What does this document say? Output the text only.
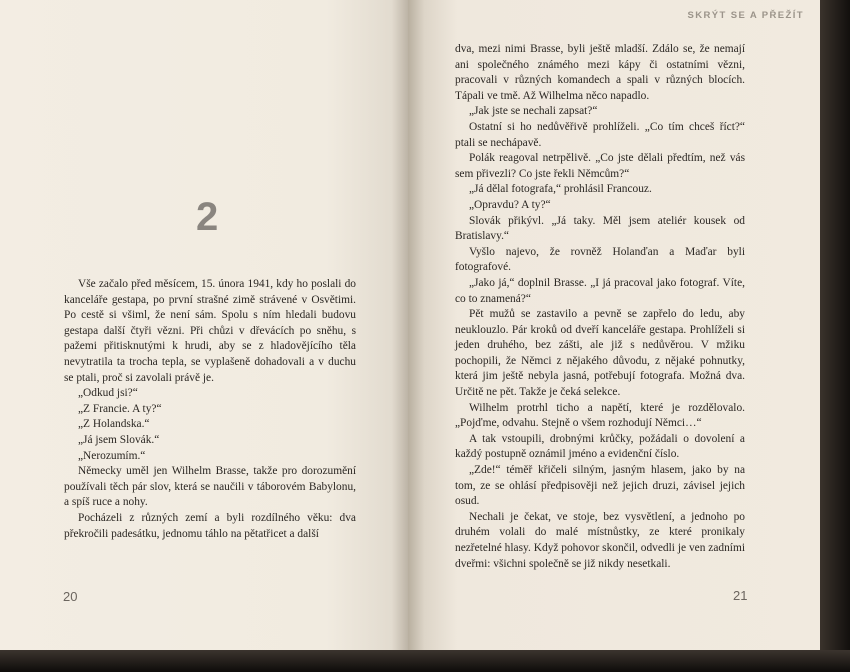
2

Vše začalo před měsícem, 15. února 1941, kdy ho poslali do kanceláře gestapa, po první strašné zimě strávené v Osvětimi. Po cestě si všiml, že není sám. Spolu s ním hledali budovu gestapa další čtyři vězni. Při chůzi v dřevácích po sněhu, s pažemi přitisknutými k hrudi, aby se z hladovějícího těla nevytratila ta trocha tepla, se vyplašeně dohadovali a v duchu se ptali, proč si zavolali právě je.

„Odkud jsi?“

„Z Francie. A ty?“

„Z Holandska.“

„Já jsem Slovák.“

„Nerozumím.“

Německy uměl jen Wilhelm Brasse, takže pro dorozumění používali těch pár slov, která se naučili v táborovém Babylonu, a spíš ruce a nohy.

Pocházeli z různých zemí a byli rozdílného věku: dva překročili padesátku, jednomu táhlo na pětatřicet a další

20

dva, mezi nimi Brasse, byli ještě mladší. Zdálo se, že nemají ani společného známého mezi kápy či ostatními vězni, pracovali v různých komandech a spali v různých blocích. Tápali ve tmě. Až Wilhelma něco napadlo.

„Jak jste se nechali zapsat?“

Ostatní si ho nedůvěřivě prohlíželi. „Co tím chceš říct?“ ptali se nechápavě.

Polák reagoval netrpělivě. „Co jste dělali předtím, než vás sem přivezli? Co jste řekli Němcům?“

„Já dělal fotografa,“ prohlásil Francouz.

„Opravdu? A ty?“

Slovák přikývl. „Já taky. Měl jsem ateliér kousek od Bratislavy.“

Vyšlo najevo, že rovněž Holanďan a Maďar byli fotografové.

„Jako já,“ doplnil Brasse. „I já pracoval jako fotograf. Víte, co to znamená?“

Pět mužů se zastavilo a pevně se zapřelo do ledu, aby neuklouzlo. Pár kroků od dveří kanceláře gestapa. Prohlíželi si jeden druhého, bez zášti, ale již s nedůvěrou. V mžiku pochopili, že Němci z nějakého důvodu, z nějaké pohnutky, která jim ještě nebyla jasná, potřebují fotografa. Možná dva. Určitě ne pět. Takže je čeká selekce.

Wilhelm protrhl ticho a napětí, které je rozdělovalo. „Pojďme, odvahu. Stejně o všem rozhodují Němci…“

A tak vstoupili, drobnými krůčky, požádali o dovolení a každý postupně oznámil jméno a evidenční číslo.

„Zde!“ téměř křičeli silným, jasným hlasem, jako by na tom, ze se ohlásí předpisověji než jejich druzi, závisel jejich osud.

Nechali je čekat, ve stoje, bez vysvětlení, a jednoho po druhém volali do malé místnůstky, ze které pronikaly nezřetelné hlasy. Když pohovor skončil, odvedli je ven zadními dveřmi: všichni společně se již nikdy nesetkali.

21
SKRÝT SE A PŘEŽÍT
